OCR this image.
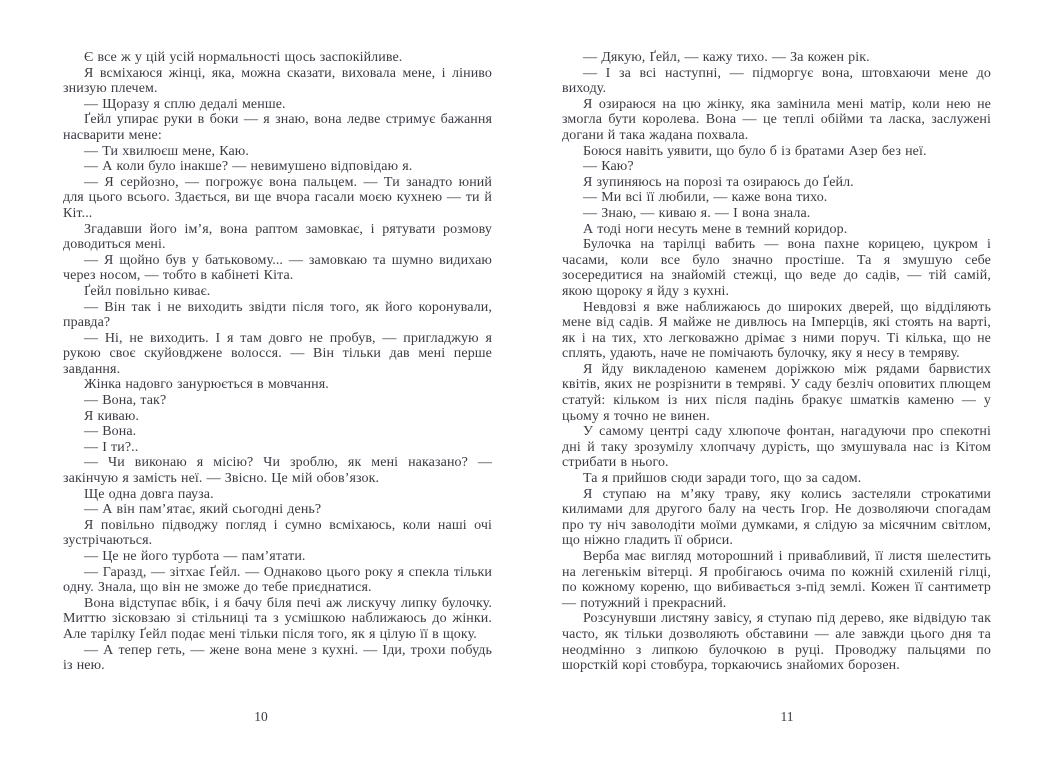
Є все ж у цій усій нормальності щось заспокійливе.

Я всміхаюся жінці, яка, можна сказати, виховала мене, і ліниво знизую плечем.

— Щоразу я сплю дедалі менше.

Ґейл упирає руки в боки — я знаю, вона ледве стримує бажання насварити мене:

— Ти хвилюєш мене, Каю.

— А коли було інакше? — невимушено відповідаю я.

— Я серйозно, — погрожує вона пальцем. — Ти занадто юний для цього всього. Здається, ви ще вчора гасали моєю кухнею — ти й Кіт...

Згадавши його ім’я, вона раптом замовкає, і рятувати розмову доводиться мені.

— Я щойно був у батьковому... — замовкаю та шумно видихаю через носом, — тобто в кабінеті Кіта.

Ґейл повільно киває.

— Він так і не виходить звідти після того, як його коронували, правда?

— Ні, не виходить. І я там довго не пробув, — пригладжую я рукою своє скуйовджене волосся. — Він тільки дав мені перше завдання.

Жінка надовго занурюється в мовчання.

— Вона, так?

Я киваю.

— Вона.

— І ти?..

— Чи виконаю я місію? Чи зроблю, як мені наказано? — закінчую я замість неї. — Звісно. Це мій обов’язок.

Ще одна довга пауза.

— А він пам’ятає, який сьогодні день?

Я повільно підводжу погляд і сумно всміхаюсь, коли наші очі зустрічаються.

— Це не його турбота — пам’ятати.

— Гаразд, — зітхає Ґейл. — Однаково цього року я спекла тільки одну. Знала, що він не зможе до тебе приєднатися.

Вона відступає вбік, і я бачу біля печі аж лискучу липку булочку. Миттю зісковзаю зі стільниці та з усмішкою наближаюсь до жінки. Але тарілку Ґейл подає мені тільки після того, як я цілую її в щоку.

— А тепер геть, — жене вона мене з кухні. — Іди, трохи побудь із нею.

— Дякую, Ґейл, — кажу тихо. — За кожен рік.

— І за всі наступні, — підморгує вона, штовхаючи мене до виходу.

Я озираюся на цю жінку, яка замінила мені матір, коли нею не змогла бути королева. Вона — це теплі обійми та ласка, заслужені догани й така жадана похвала.

Боюся навіть уявити, що було б із братами Азер без неї.

— Каю?

Я зупиняюсь на порозі та озираюсь до Ґейл.

— Ми всі її любили, — каже вона тихо.

— Знаю, — киваю я. — І вона знала.

А тоді ноги несуть мене в темний коридор.

Булочка на тарілці вабить — вона пахне корицею, цукром і часами, коли все було значно простіше. Та я змушую себе зосередитися на знайомій стежці, що веде до садів, — тій самій, якою щороку я йду з кухні.

Невдовзі я вже наближаюсь до широких дверей, що відділяють мене від садів. Я майже не дивлюсь на Імперців, які стоять на варті, як і на тих, хто легковажно дрімає з ними поруч. Ті кілька, що не сплять, удають, наче не помічають булочку, яку я несу в темряву.

Я йду викладеною каменем доріжкою між рядами барвистих квітів, яких не розрізнити в темряві. У саду безліч оповитих плющем статуй: кільком із них після падінь бракує шматків каменю — у цьому я точно не винен.

У самому центрі саду хлюпоче фонтан, нагадуючи про спекотні дні й таку зрозумілу хлопчачу дурість, що змушувала нас із Кітом стрибати в нього.

Та я прийшов сюди заради того, що за садом.

Я ступаю на м’яку траву, яку колись застеляли строкатими килимами для другого балу на честь Ігор. Не дозволяючи спогадам про ту ніч заволодіти моїми думками, я слідую за місячним світлом, що ніжно гладить її обриси.

Верба має вигляд моторошний і привабливий, її листя шелестить на легенькім вітерці. Я пробігаюсь очима по кожній схиленій гілці, по кожному кореню, що вибивається з-під землі. Кожен її сантиметр — потужний і прекрасний.

Розсунувши листяну завісу, я ступаю під дерево, яке відвідую так часто, як тільки дозволяють обставини — але завжди цього дня та неодмінно з липкою булочкою в руці. Проводжу пальцями по шорсткій корі стовбура, торкаючись знайомих борозен.

10	11
